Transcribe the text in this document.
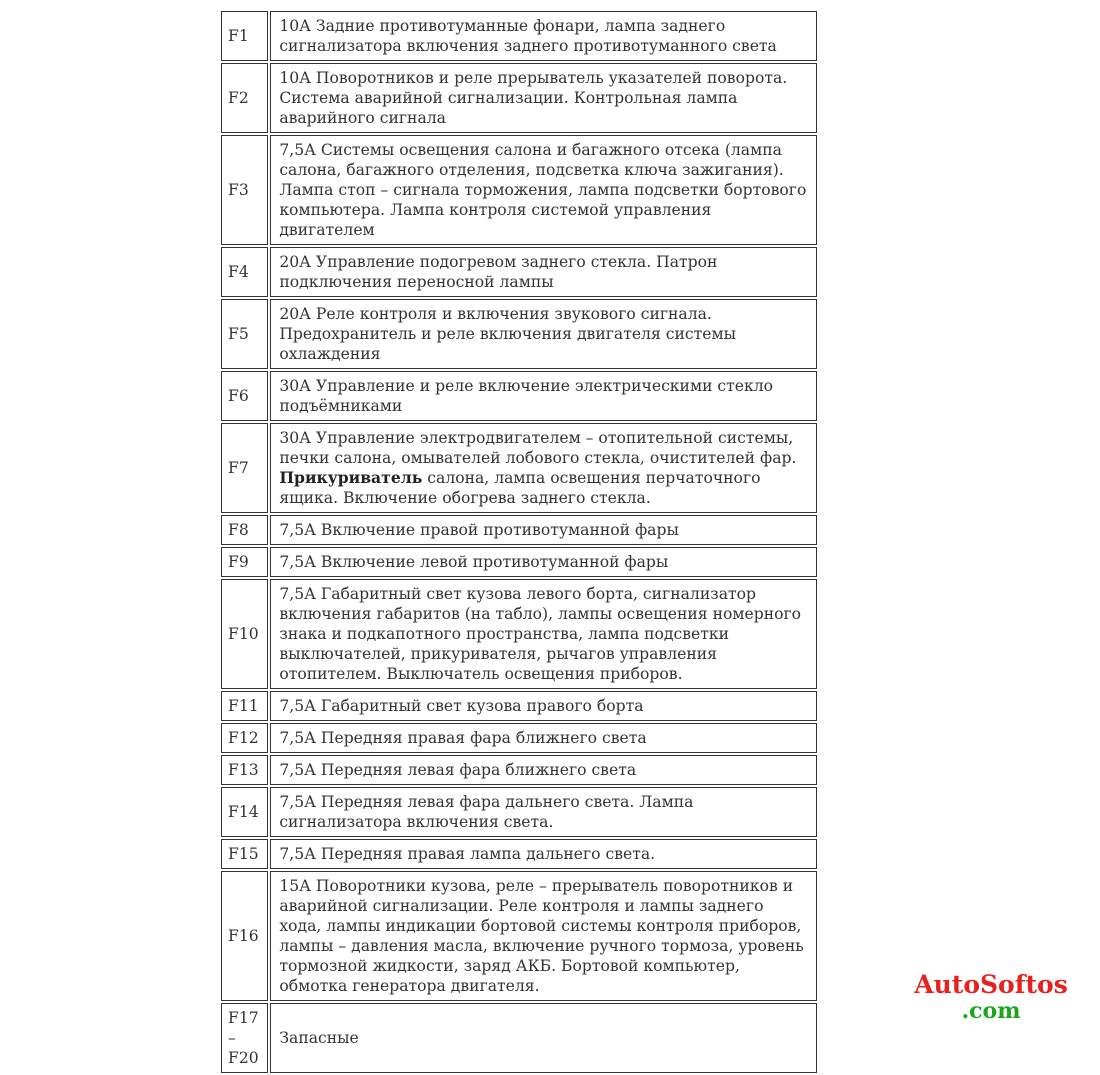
F1	10А Задние противотуманные фонари, лампа заднего сигнализатора включения заднего противотуманного света
F2	10А Поворотников и реле прерыватель указателей поворота. Система аварийной сигнализации. Контрольная лампа аварийного сигнала
F3	7,5А Системы освещения салона и багажного отсека (лампа салона, багажного отделения, подсветка ключа зажигания). Лампа стоп – сигнала торможения, лампа подсветки бортового компьютера. Лампа контроля системой управления двигателем
F4	20А Управление подогревом заднего стекла. Патрон подключения переносной лампы
F5	20А Реле контроля и включения звукового сигнала. Предохранитель и реле включения двигателя системы охлаждения
F6	30А Управление и реле включение электрическими стекло подъёмниками
F7	30А Управление электродвигателем – отопительной системы, печки салона, омывателей лобового стекла, очистителей фар. Прикуриватель салона, лампа освещения перчаточного ящика. Включение обогрева заднего стекла.
F8	7,5А Включение правой противотуманной фары
F9	7,5А Включение левой противотуманной фары
F10	7,5А Габаритный свет кузова левого борта, сигнализатор включения габаритов (на табло), лампы освещения номерного знака и подкапотного пространства, лампа подсветки выключателей, прикуривателя, рычагов управления отопителем. Выключатель освещения приборов.
F11	7,5А Габаритный свет кузова правого борта
F12	7,5А Передняя правая фара ближнего света
F13	7,5А Передняя левая фара ближнего света
F14	7,5А Передняя левая фара дальнего света. Лампа сигнализатора включения света.
F15	7,5А Передняя правая лампа дальнего света.
F16	15А Поворотники кузова, реле – прерыватель поворотников и аварийной сигнализации. Реле контроля и лампы заднего хода, лампы индикации бортовой системы контроля приборов, лампы – давления масла, включение ручного тормоза, уровень тормозной жидкости, заряд АКБ. Бортовой компьютер, обмотка генератора двигателя.
F17 – F20	Запасные
AutoSoftos
.com
